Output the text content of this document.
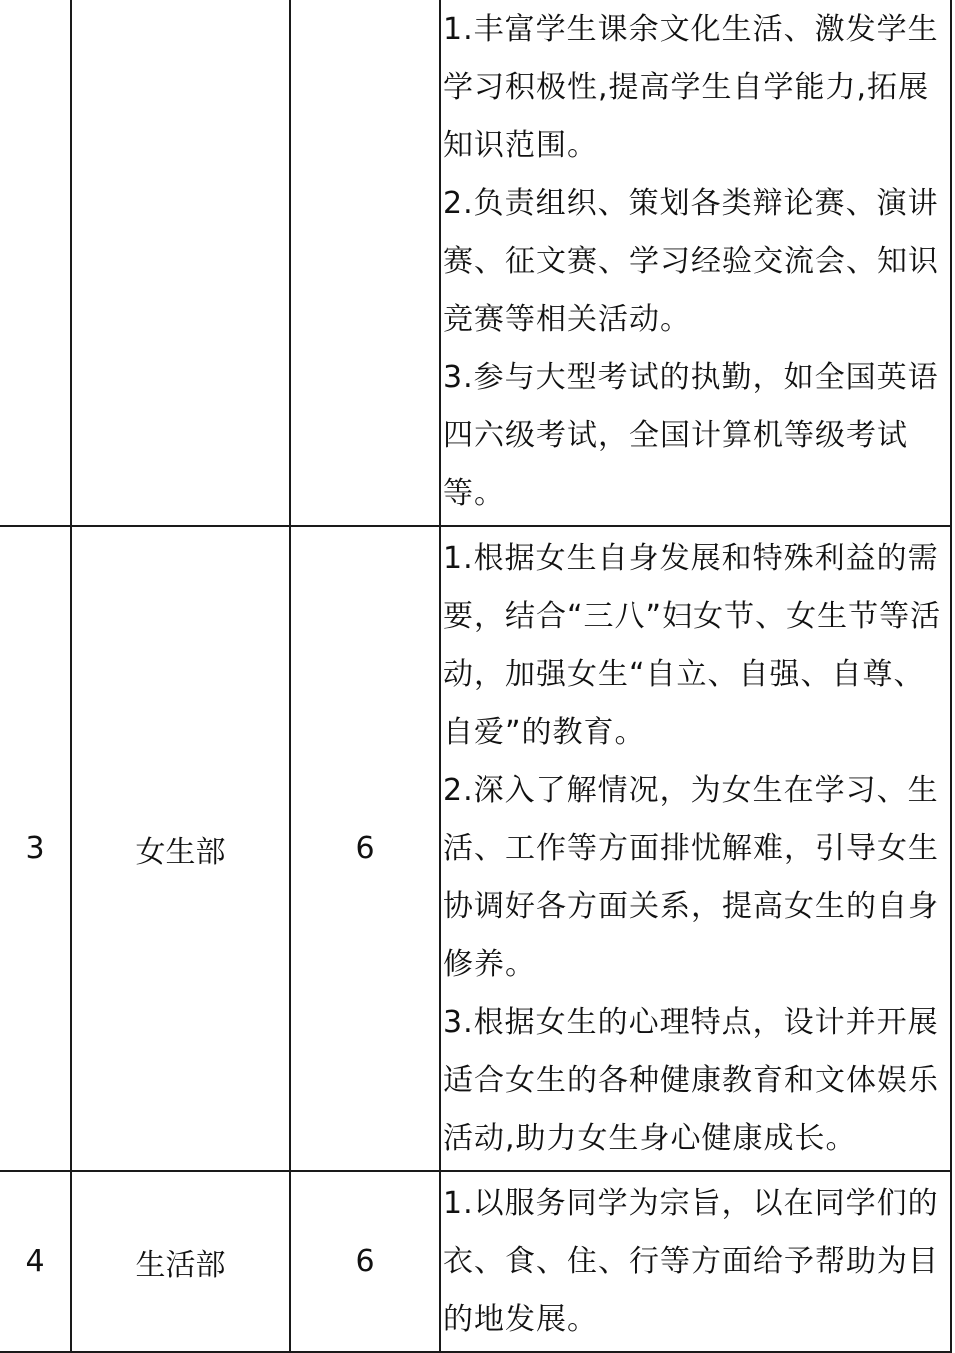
			1.丰富学生课余文化生活、激发学生学习积极性,提高学生自学能力,拓展知识范围。
2.负责组织、策划各类辩论赛、演讲赛、征文赛、学习经验交流会、知识竞赛等相关活动。
3.参与大型考试的执勤，如全国英语四六级考试，全国计算机等级考试等。

3	女生部	6	1.根据女生自身发展和特殊利益的需要，结合“三八”妇女节、女生节等活动，加强女生“自立、自强、自尊、自爱”的教育。
2.深入了解情况，为女生在学习、生活、工作等方面排忧解难，引导女生协调好各方面关系，提高女生的自身修养。
3.根据女生的心理特点，设计并开展适合女生的各种健康教育和文体娱乐活动,助力女生身心健康成长。

4	生活部	6	1.以服务同学为宗旨，以在同学们的衣、食、住、行等方面给予帮助为目的地发展。
